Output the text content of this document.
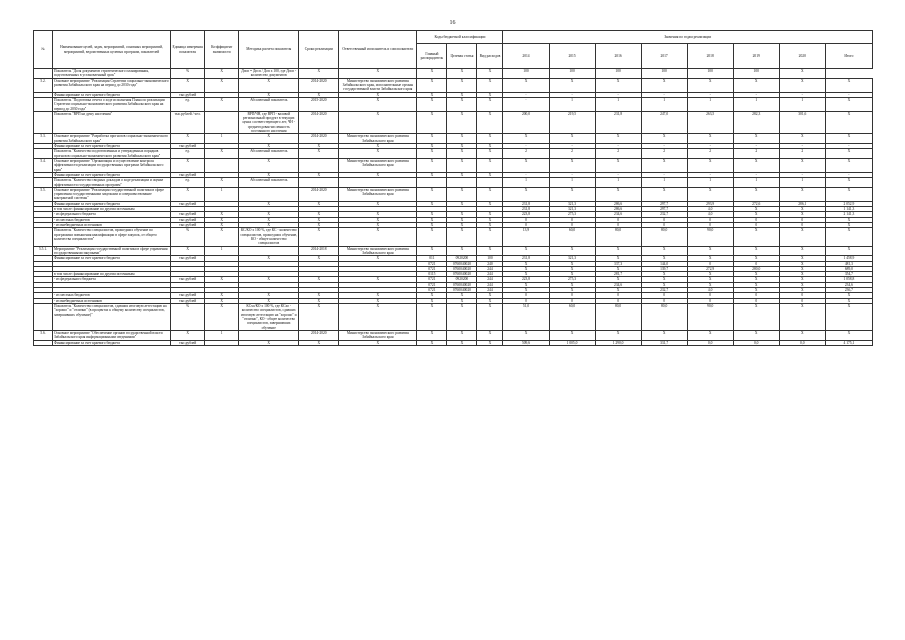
16
№	Наименование целей, задач, мероприятий, основных мероприятий, мероприятий, ведомственных целевых программ, показателей	Единица измерения показателя	Коэффициент значимости	Методика расчета показателя	Сроки реализации	Ответственный исполнитель и соисполнители	Коды бюджетной классификации			Значения по годам реализации							
							Главный распорядитель	Целевая статья	Вид расходов	2014	2015	2016	2017	2018	2019	2020	Итого
	Показатель "Доля документов стратегического планирования, подготовленных в установленный срок"	%	X	Дпсп = Дпсп / Доп x 100, где Дпсп - количество документов	X	X	X	X	X	100	100	100	100	100	100	X	
5.2.	Основное мероприятие "Реализация Стратегии социально-экономического развития Забайкальского края на период до 2030 года"	X	X	X	2014-2020	Министерство экономического развития Забайкальского края, исполнительные органы государственной власти Забайкальского края	X	X	X	X	X	X	X	X	X	X	X
	Финансирование за счет краевого бюджета	тыс.рублей		X	X	X	X	X	X	-	-	-	-	-	-	-	-
	Показатель "Подготовка отчета о ходе исполнения Плана по реализации Стратегии социально-экономического развития Забайкальского края на период до 2030 года"	ед.	X	Абсолютный показатель	2015-2020	X	X	X	X	-	1	1	1	1	1	1	X
	Показатель "ВРП на душу населения"	тыс.рублей / чел.		ВРП/ЧН, где ВРП - валовой региональный продукт в текущих ценах соответствующего лет, ЧН - среднегодовая численность постоянного населения	2014-2020	X	X	X	X	200,0	219,5	231,8	247,0	263,5	282,3	301,6	X
5.3.	Основное мероприятие "Разработка прогнозов социально-экономического развития Забайкальского края"	X	1	X	2014-2020	Министерство экономического развития Забайкальского края	X	X	X	X	X	X	X	X	X	X	X
	Финансирование за счет краевого бюджета	тыс.рублей		X	X	X	X	X	X	-	-	-	-	-	-	-	-
	Показатель "Количество подготовленных и утвержденных порядков прогнозов социально-экономического развития Забайкальского края"	ед.	X	Абсолютный показатель	X	X	X	X	X	2	2	2	2	2	2	2	X
5.4.	Основное мероприятие "Организация и осуществление контроля эффективности реализации государственных программ Забайкальского края"	X		X		Министерство экономического развития Забайкальского края	X	X	X	X	X	X	X	X	X	X	X
	Финансирование за счет краевого бюджета	тыс.рублей		X	X	X	X	X	X	-	-	-	-	-	-	-	-
	Показатель "Количество сводных докладов о ходе реализации и оценке эффективности государственных программ"	ед.	X	Абсолютный показатель						1	1	1	1	1	1	1	X
5.5.	Основное мероприятие "Реализация государственной политики в сфере управления государственными закупками и совершенствование контрактной системы"	X	1		2014-2020	Министерство экономического развития Забайкальского края	X	X	X	X	X	X	X	X	X	X	X
	Финансирование за счет краевого бюджета	тыс.рублей		X	X	X	X	X	X	231,8	321,3	286,6	297,7	293,9	272,6	286,1	2 052,9
	в том числе: финансирование по другим источникам									231,8	321,3	286,6	297,7	4,0	X	X	1 141,3
	- из федерального бюджета	тыс.рублей	X	X	X	X	X	X	X	223,8	275,3	234,6	232,7	4,0	X	X	2 141,3
	- из местных бюджетов	тыс.рублей	X	X	X	X	X	X	X	0	0	0	0	0	0	0	X
	- из внебюджетных источников	тыс.рублей	X	X	X	X	X	X	X	0	0	0	0	0	0	0	X
	Показатель "Количество специалистов, прошедших обучение по программам повышения квалификации в сфере закупок, от общего количества специалистов"	%	X	КС/КО x 100 %, где КС - количество специалистов, прошедших обучение, КО - общее количество специалистов	X	X	X	X	X	13,9	60,0	80,0	80,0	90,0	X	X	X
5.5.1.	Мероприятие "Реализация государственной политики в сфере управления государственными закупками"	X	1		2014-2018	Министерство экономического развития Забайкальского края	X	X	X	X	X	X	X	X	X	X	X
	Финансирование за счет краевого бюджета	тыс.рублей		X	X	X	011	0920200	100	231,8	321,3	X	X	X	X	X	1 458,9
							0721	0760040020	240	X	X	337,3	144,0	0	0	X	481,3
							0721	0760040020	244	X	X	X	139,7	272,9	280,0	X	689,0
	в том числе: финансирование по другим источникам						0115	0760040020	244	X	X	281,7	X	X	X	X	354,7
	- из федерального бюджета	тыс.рублей	X	X	X	X	0721	0920200	244	223,8	275,3	X	X	X	X	X	1 058,8
							0721	0760040020	244	X	X	234,6	X	X	X	X	234,6
							0721	0760040020	244	X	X	X	232,7	4,0	X	X	236,7
	- из местных бюджетов	тыс.рублей	X	X	X	X	X	X	X	0	0	0	0	0	0	0	X
	- из внебюджетных источников	тыс.рублей	X	X	X	X	X	X	X	0	0	0	0	0	0	0	X
	Показатель "Количество специалистов, сдавших итоговую аттестацию на "хорошо" и "отлично" (в процентах к общему количеству специалистов, завершивших обучение)"	%	X	КСхо/КО x 100 %, где КСхо - количество специалистов, сдавших итоговую аттестацию на "хорошо" и "отлично", КО - общее количество специалистов, завершивших обучение	X	X	X	X	X	51,0	60,0	80,0	80,0	90,0	X	X	X
5.6.	Основное мероприятие "Обеспечение органов государственной власти Забайкальского края информационными сведениями"	X	1		2014-2020	Министерство экономического развития Забайкальского края	X	X	X	X	X	X	X	X	X	X	X
	Финансирование за счет краевого бюджета	тыс.рублей		X	X	X	X	X	X	509,6	1 005,0	1 290,0	331,7	0,0	0,0	0,0	4 175,1
